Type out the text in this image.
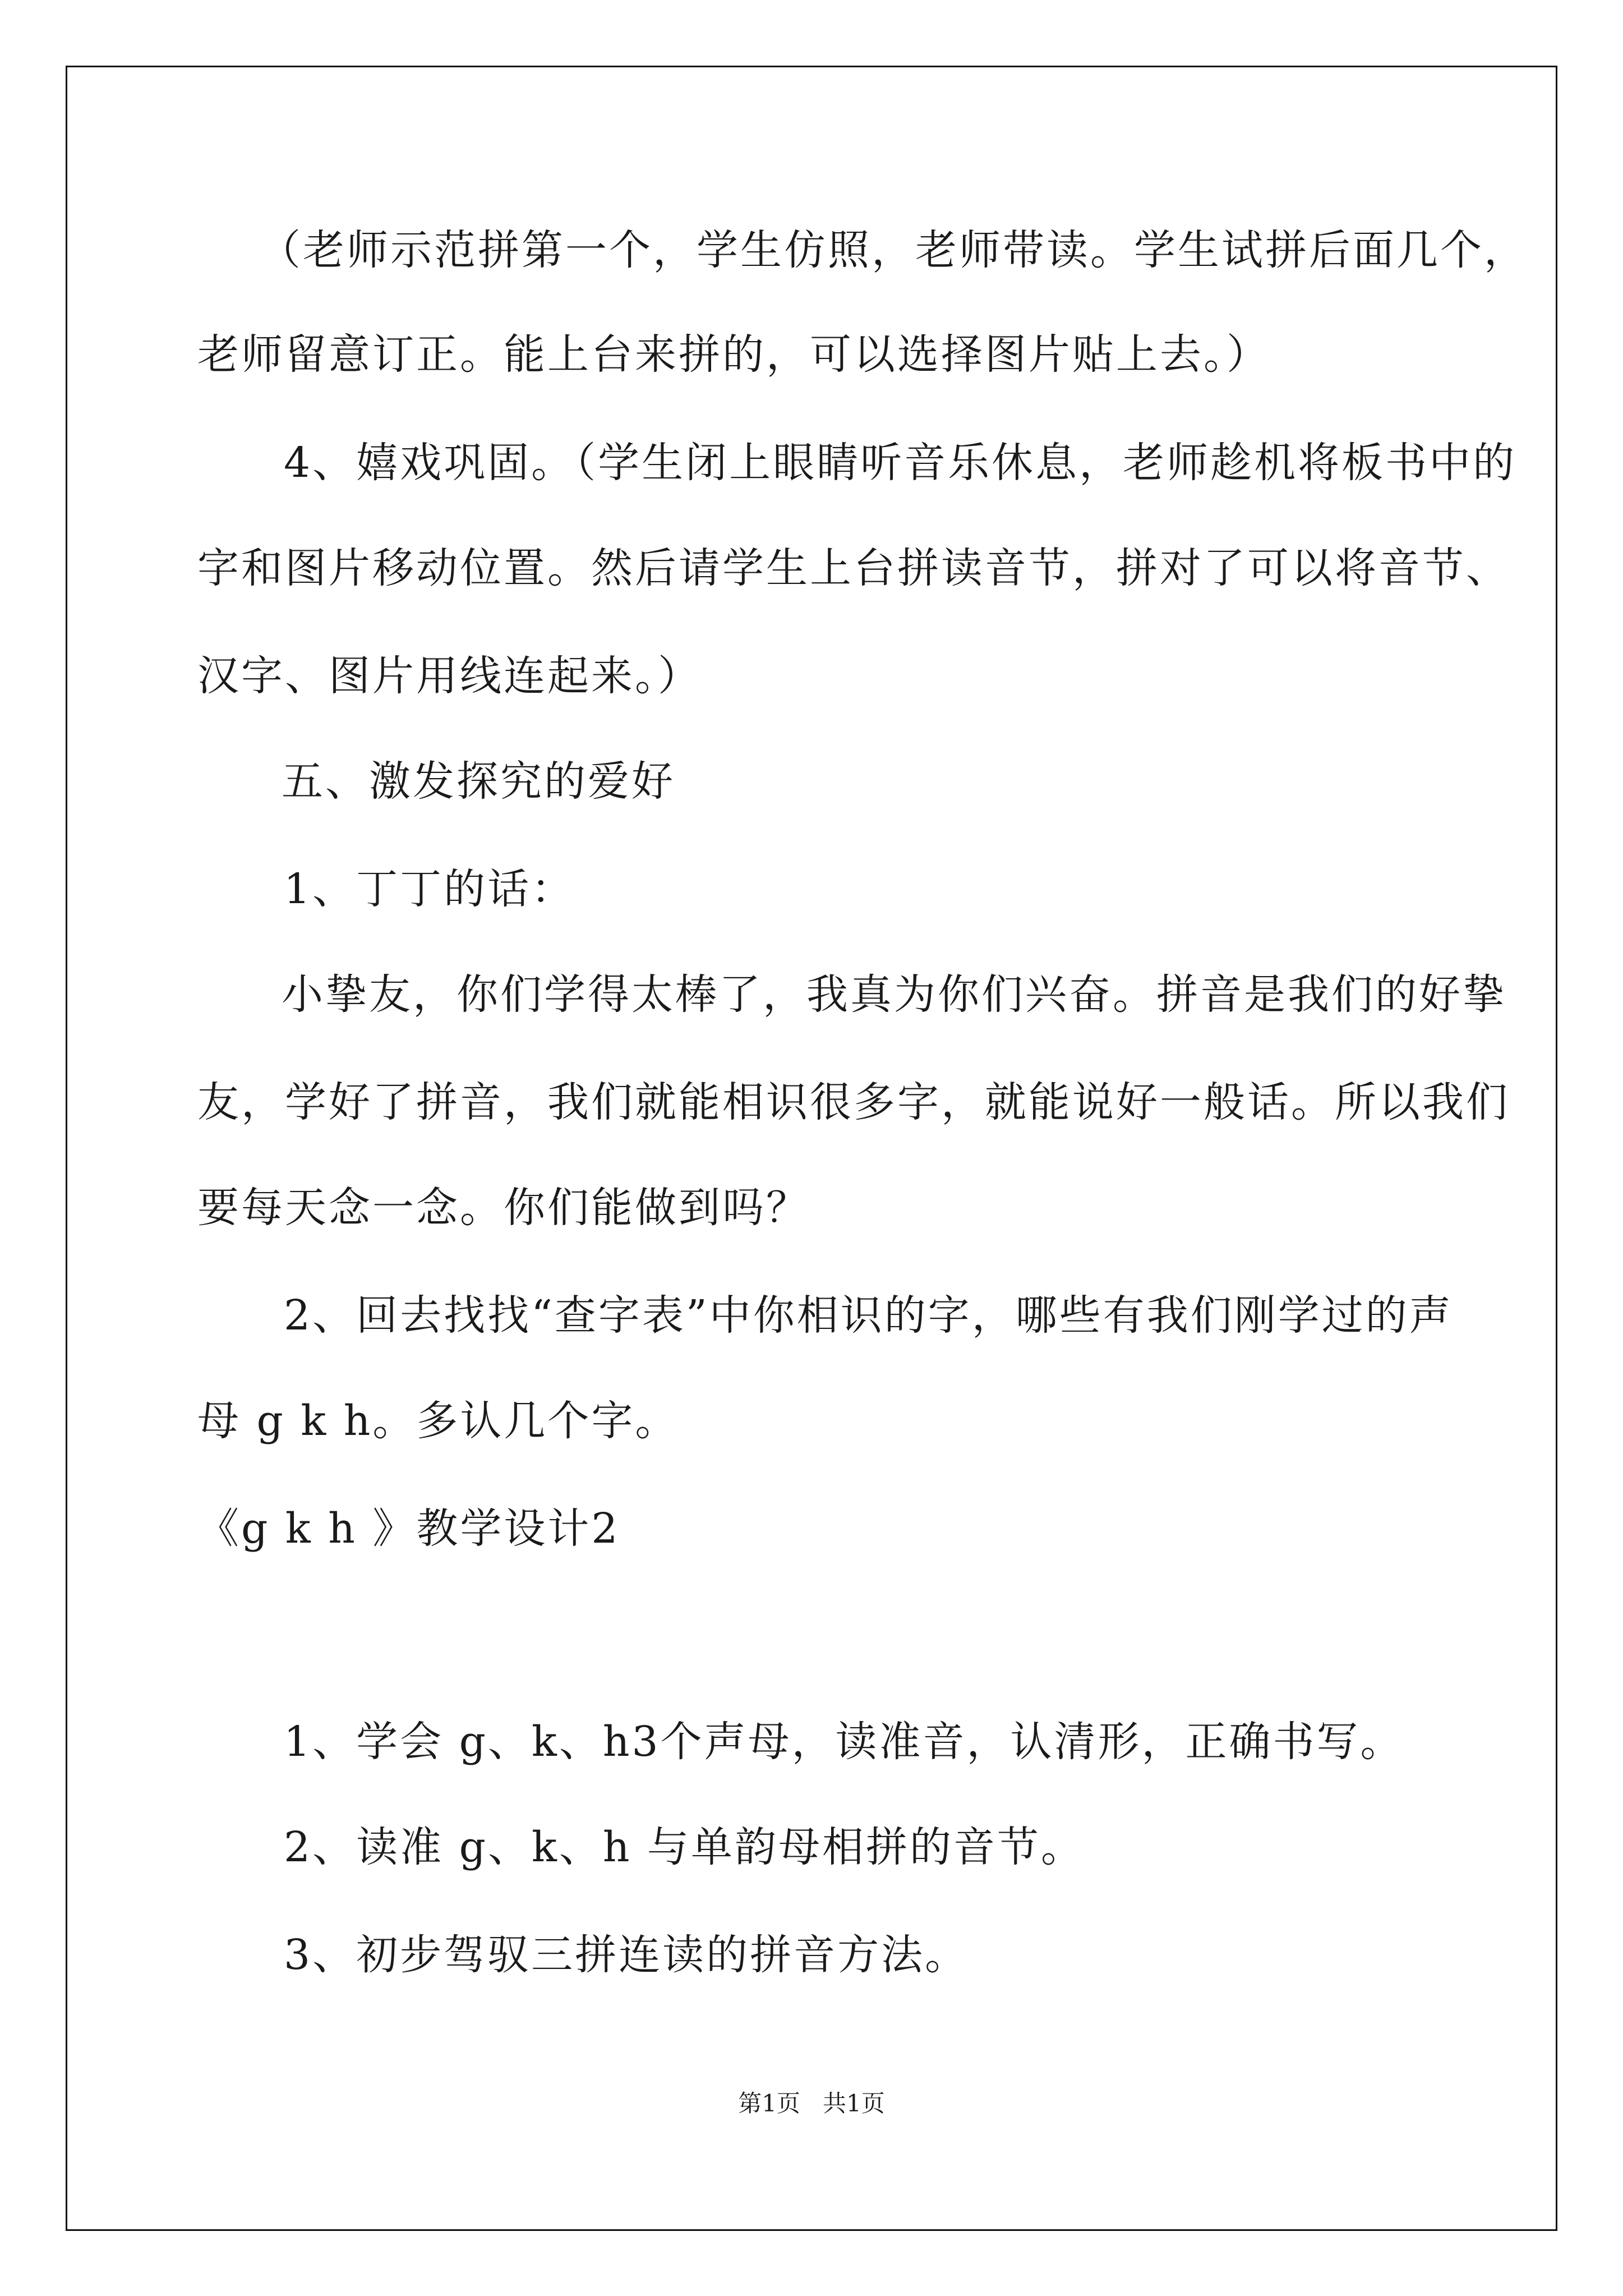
（老师示范拼第一个，学生仿照，老师带读。学生试拼后面几个，
老师留意订正。能上台来拼的，可以选择图片贴上去。）
4、嬉戏巩固。（学生闭上眼睛听音乐休息，老师趁机将板书中的
字和图片移动位置。然后请学生上台拼读音节，拼对了可以将音节、
汉字、图片用线连起来。）
五、激发探究的爱好
1、丁丁的话：
小挚友，你们学得太棒了，我真为你们兴奋。拼音是我们的好挚
友，学好了拼音，我们就能相识很多字，就能说好一般话。所以我们
要每天念一念。你们能做到吗？
2、回去找找“查字表”中你相识的字，哪些有我们刚学过的声
母 g k h。多认几个字。
《g k h 》教学设计2
1、学会 g、k、h3个声母，读准音，认清形，正确书写。
2、读准 g、k、h 与单韵母相拼的音节。
3、初步驾驭三拼连读的拼音方法。
第1页   共1页
